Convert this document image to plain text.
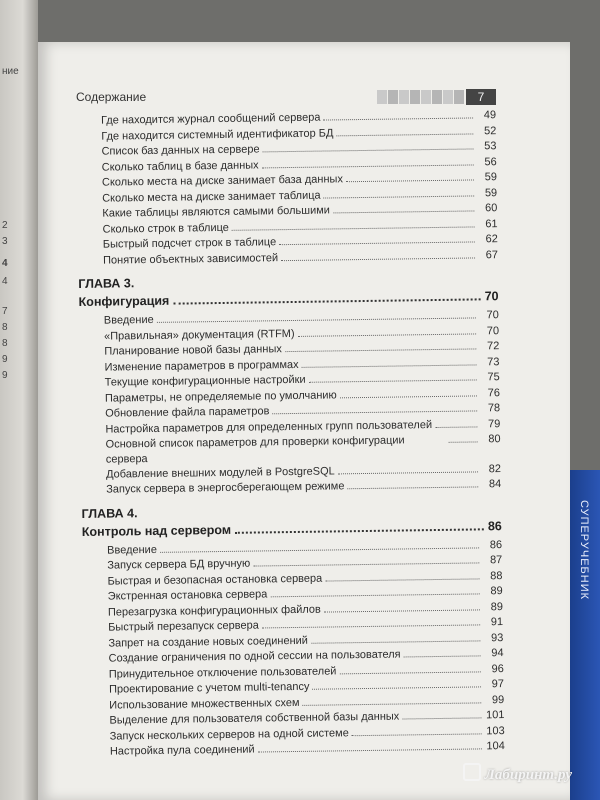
ние
2
3
4
4
7
8
8
9
9
СУПЕРУЧЕБНИК
Содержание	7
Где находится журнал сообщений сервера	49
Где находится системный идентификатор БД	52
Список баз данных на сервере	53
Сколько таблиц в базе данных	56
Сколько места на диске занимает база данных	59
Сколько места на диске занимает таблица	59
Какие таблицы являются самыми большими	60
Сколько строк в таблице	61
Быстрый подсчет строк в таблице	62
Понятие объектных зависимостей	67
ГЛАВА 3.
Конфигурация	70
Введение	70
«Правильная» документация (RTFM)	70
Планирование новой базы данных	72
Изменение параметров в программах	73
Текущие конфигурационные настройки	75
Параметры, не определяемые по умолчанию	76
Обновление файла параметров	78
Настройка параметров для определенных групп пользователей	79
Основной список параметров для проверки конфигурации сервера
80
Добавление внешних модулей в PostgreSQL	82
Запуск сервера в энергосберегающем режиме	84
ГЛАВА 4.
Контроль над сервером	86
Введение	86
Запуск сервера БД вручную	87
Быстрая и безопасная остановка сервера	88
Экстренная остановка сервера	89
Перезагрузка конфигурационных файлов	89
Быстрый перезапуск сервера	91
Запрет на создание новых соединений	93
Создание ограничения по одной сессии на пользователя	94
Принудительное отключение пользователей	96
Проектирование с учетом multi-tenancy	97
Использование множественных схем	99
Выделение для пользователя собственной базы данных	101
Запуск нескольких серверов на одной системе	103
Настройка пула соединений	104
Лабиринт.ру
